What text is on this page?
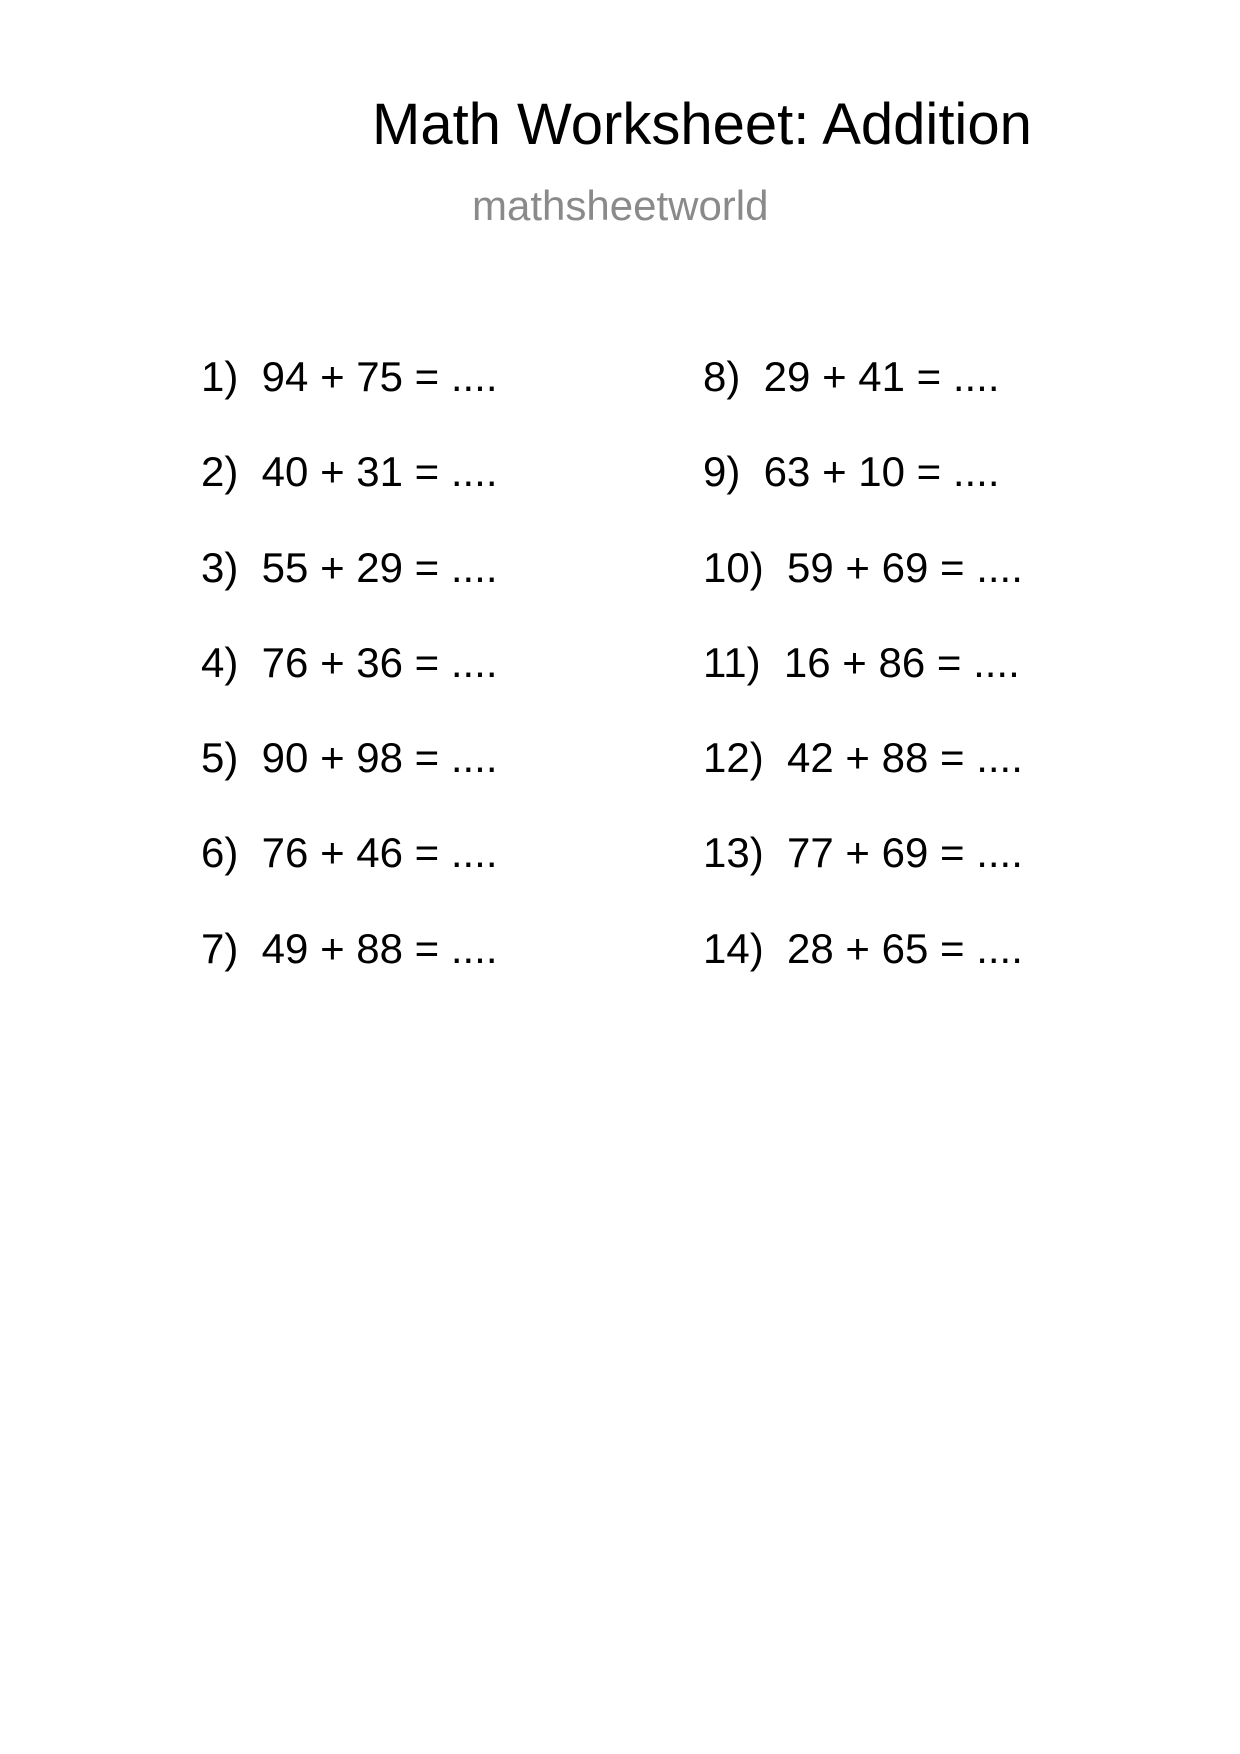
Math Worksheet: Addition
mathsheetworld
1)  94 + 75 = ....
2)  40 + 31 = ....
3)  55 + 29 = ....
4)  76 + 36 = ....
5)  90 + 98 = ....
6)  76 + 46 = ....
7)  49 + 88 = ....
8)  29 + 41 = ....
9)  63 + 10 = ....
10)  59 + 69 = ....
11)  16 + 86 = ....
12)  42 + 88 = ....
13)  77 + 69 = ....
14)  28 + 65 = ....
